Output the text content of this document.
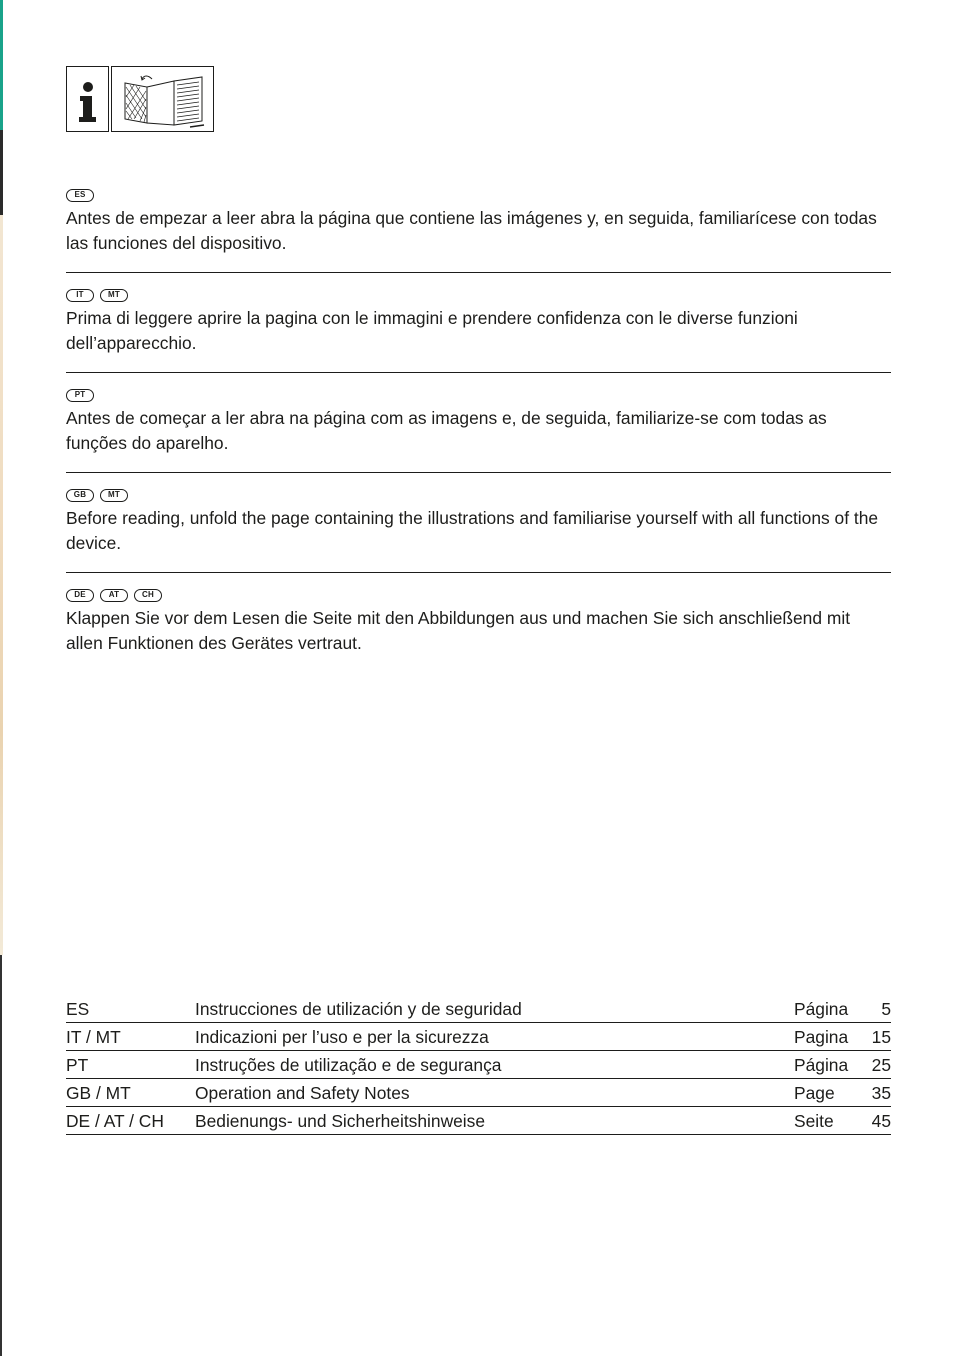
ES
Antes de empezar a leer abra la página que contiene las imágenes y, en seguida, familiarícese con todas las funciones del dispositivo.
IT	MT
Prima di leggere aprire la pagina con le immagini e prendere confidenza con le diverse funzioni dell’apparecchio.
PT
Antes de começar a ler abra na página com as imagens e, de seguida, familiarize-se com todas as funções do aparelho.
GB	MT
Before reading, unfold the page containing the illustrations and familiarise yourself with all functions of the device.
DE	AT	CH
Klappen Sie vor dem Lesen die Seite mit den Abbildungen aus und machen Sie sich anschließend mit allen Funktionen des Gerätes vertraut.
ES	Instrucciones de utilización y de seguridad	Página 5
IT / MT	Indicazioni per l’uso e per la sicurezza	Pagina 15
PT	Instruções de utilização e de segurança	Página 25
GB / MT	Operation and Safety Notes	Page 35
DE / AT / CH Bedienungs- und Sicherheitshinweise	Seite 45
